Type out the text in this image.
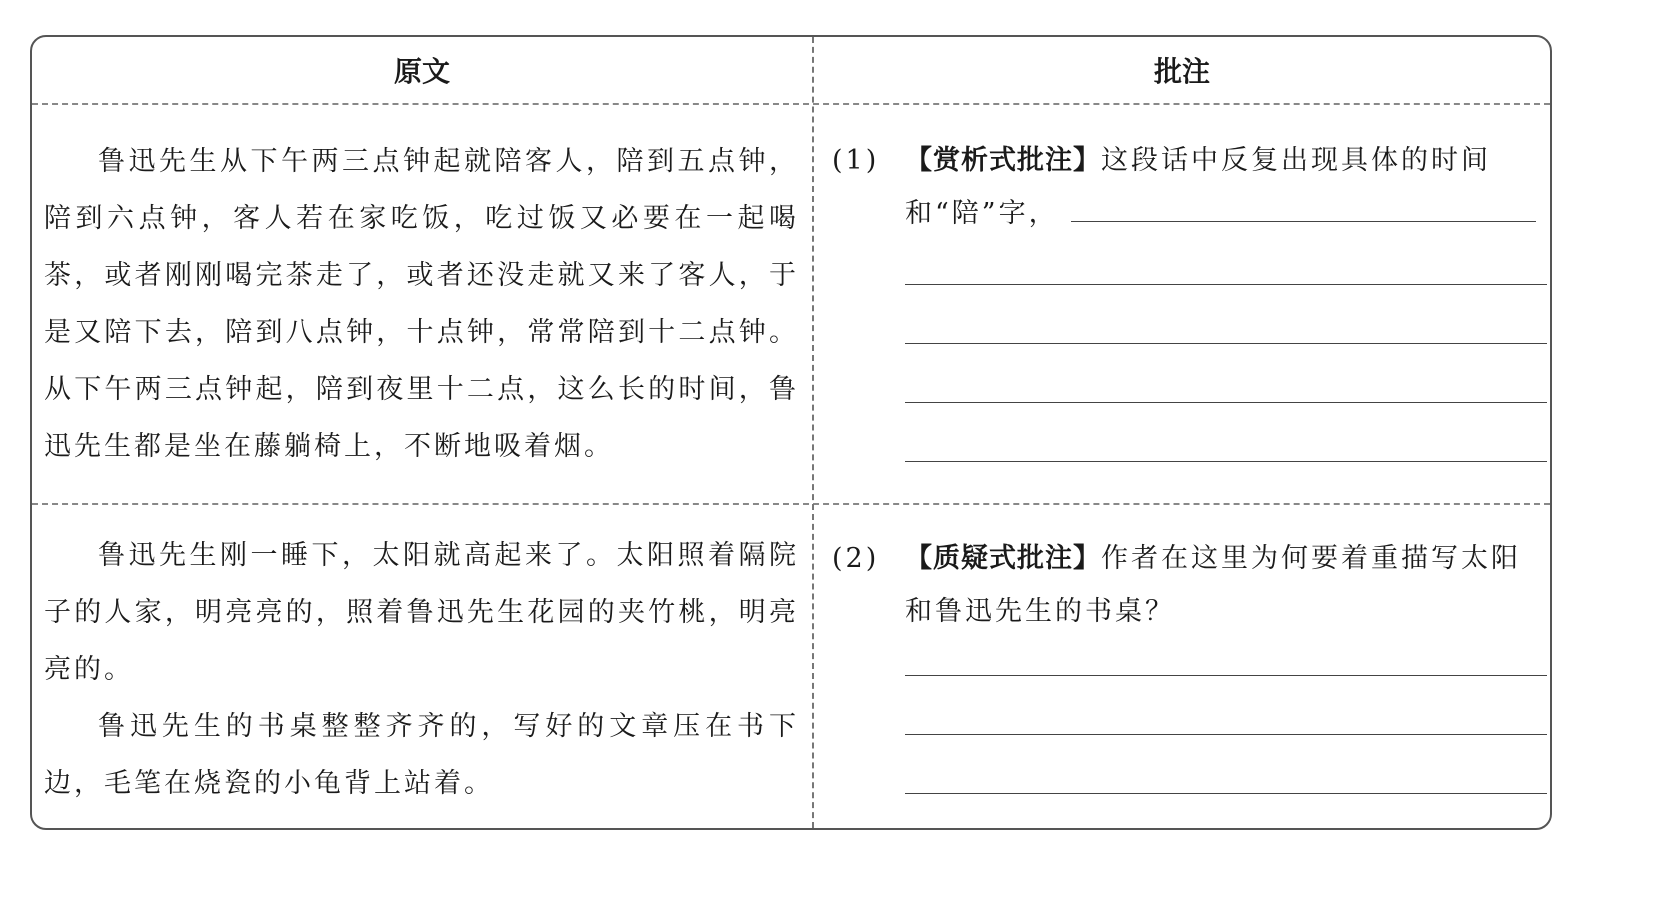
原文	批注

鲁迅先生从下午两三点钟起就陪客人，陪到五点钟，陪到六点钟，客人若在家吃饭，吃过饭又必要在一起喝茶，或者刚刚喝完茶走了，或者还没走就又来了客人，于是又陪下去，陪到八点钟，十点钟，常常陪到十二点钟。从下午两三点钟起，陪到夜里十二点，这么长的时间，鲁迅先生都是坐在藤躺椅上，不断地吸着烟。

(1) 【赏析式批注】这段话中反复出现具体的时间
和“陪”字，

鲁迅先生刚一睡下，太阳就高起来了。太阳照着隔院子的人家，明亮亮的，照着鲁迅先生花园的夹竹桃，明亮亮的。

鲁迅先生的书桌整整齐齐的，写好的文章压在书下边，毛笔在烧瓷的小龟背上站着。

(2) 【质疑式批注】作者在这里为何要着重描写太阳
和鲁迅先生的书桌？
